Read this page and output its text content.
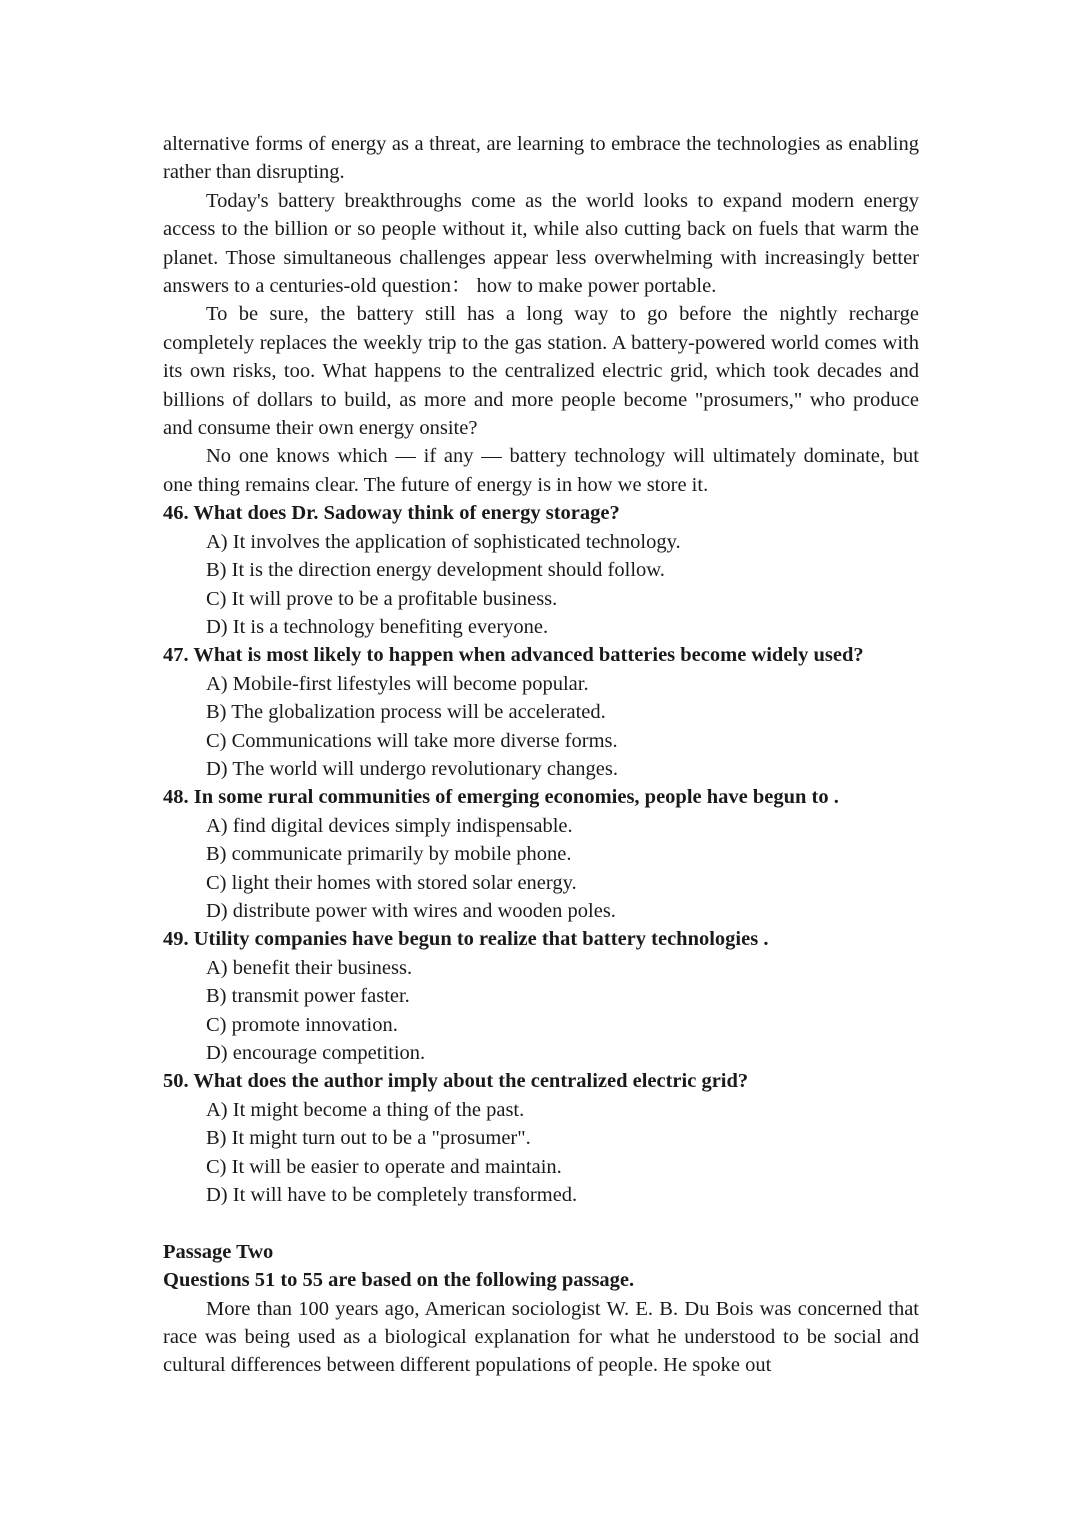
alternative forms of energy as a threat, are learning to embrace the technologies as enabling rather than disrupting.

Today's battery breakthroughs come as the world looks to expand modern energy access to the billion or so people without it, while also cutting back on fuels that warm the planet. Those simultaneous challenges appear less overwhelming with increasingly better answers to a centuries-old question： how to make power portable.

To be sure, the battery still has a long way to go before the nightly recharge completely replaces the weekly trip to the gas station. A battery-powered world comes with its own risks, too. What happens to the centralized electric grid, which took decades and billions of dollars to build, as more and more people become "prosumers," who produce and consume their own energy onsite?

No one knows which — if any — battery technology will ultimately dominate, but one thing remains clear. The future of energy is in how we store it.

46. What does Dr. Sadoway think of energy storage?

A) It involves the application of sophisticated technology.

B) It is the direction energy development should follow.

C) It will prove to be a profitable business.

D) It is a technology benefiting everyone.

47. What is most likely to happen when advanced batteries become widely used?

A) Mobile-first lifestyles will become popular.

B) The globalization process will be accelerated.

C) Communications will take more diverse forms.

D) The world will undergo revolutionary changes.

48. In some rural communities of emerging economies, people have begun to .

A) find digital devices simply indispensable.

B) communicate primarily by mobile phone.

C) light their homes with stored solar energy.

D) distribute power with wires and wooden poles.

49. Utility companies have begun to realize that battery technologies .

A) benefit their business.

B) transmit power faster.

C) promote innovation.

D) encourage competition.

50. What does the author imply about the centralized electric grid?

A) It might become a thing of the past.

B) It might turn out to be a "prosumer".

C) It will be easier to operate and maintain.

D) It will have to be completely transformed.

Passage Two

Questions 51 to 55 are based on the following passage.

More than 100 years ago, American sociologist W. E. B. Du Bois was concerned that race was being used as a biological explanation for what he understood to be social and cultural differences between different populations of people. He spoke out
